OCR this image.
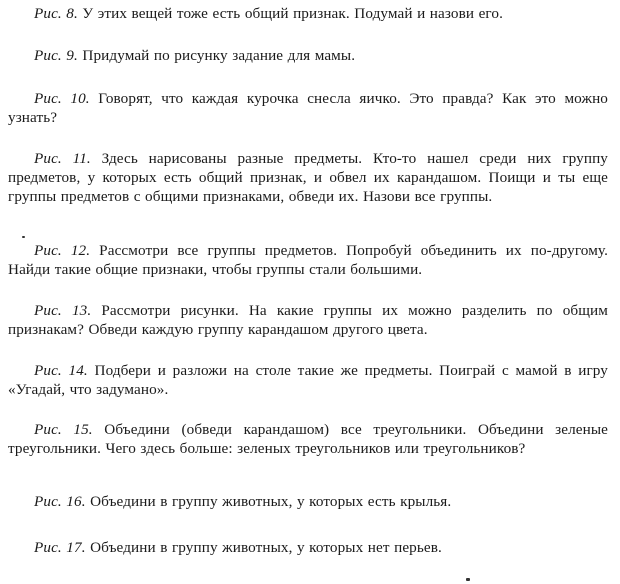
Рис. 8. У этих вещей тоже есть общий признак. Подумай и назови его.

Рис. 9. Придумай по рисунку задание для мамы.

Рис. 10. Говорят, что каждая курочка снесла яичко. Это правда? Как это можно узнать?

Рис. 11. Здесь нарисованы разные предметы. Кто-то нашел среди них группу предметов, у которых есть общий признак, и обвел их карандашом. Поищи и ты еще группы предметов с общими признаками, обведи их. Назови все группы.

Рис. 12. Рассмотри все группы предметов. Попробуй объединить их по-другому. Найди такие общие признаки, чтобы группы стали большими.

Рис. 13. Рассмотри рисунки. На какие группы их можно разделить по общим признакам? Обведи каждую группу карандашом другого цвета.

Рис. 14. Подбери и разложи на столе такие же предметы. Поиграй с мамой в игру «Угадай, что задумано».

Рис. 15. Объедини (обведи карандашом) все треугольники. Объедини зеленые треугольники. Чего здесь больше: зеленых треугольников или треугольников?

Рис. 16. Объедини в группу животных, у которых есть крылья.

Рис. 17. Объедини в группу животных, у которых нет перьев.
